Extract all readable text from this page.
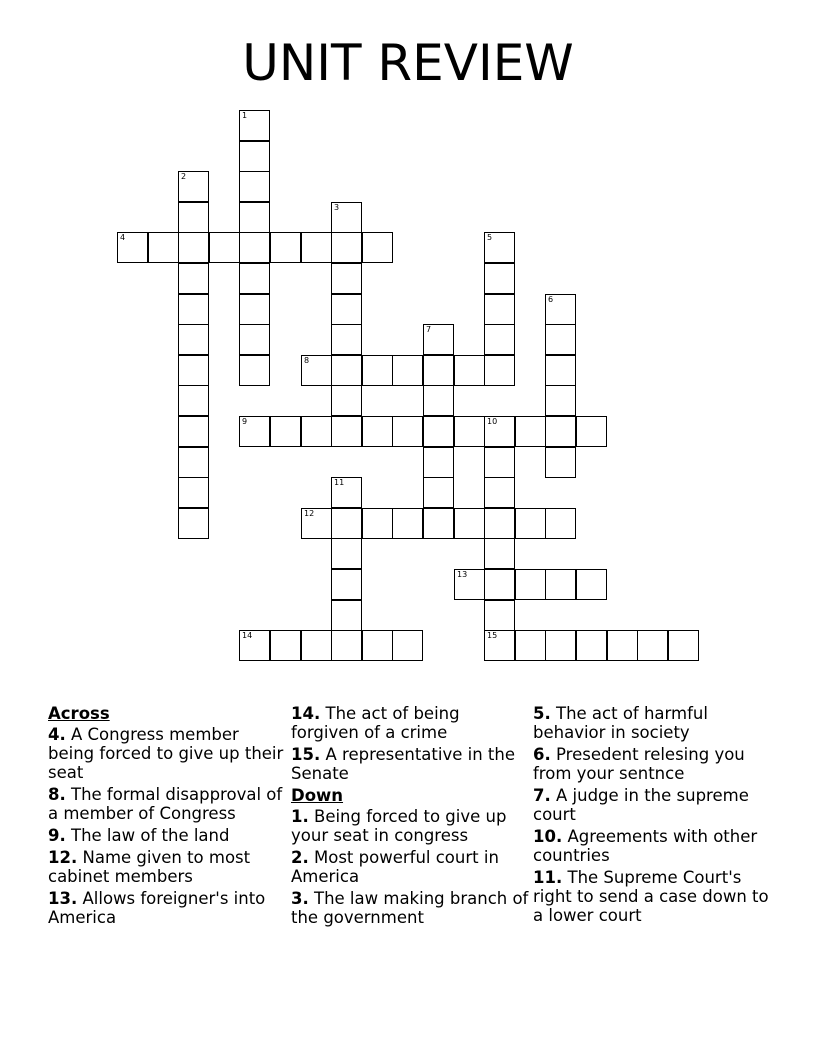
UNIT REVIEW
1
2
3
4	5
6
7
8
9	10
15
11
12
13
14
Across
4. A Congress member being forced to give up their seat
8. The formal disapproval of a member of Congress
9. The law of the land
12. Name given to most cabinet members
13. Allows foreigner's into America
14. The act of being forgiven of a crime
15. A representative in the Senate
Down
1. Being forced to give up your seat in congress
2. Most powerful court in America
3. The law making branch of the government
5. The act of harmful behavior in society
6. Presedent relesing you from your sentnce
7. A judge in the supreme court
10. Agreements with other countries
11. The Supreme Court's right to send a case down to a lower court
